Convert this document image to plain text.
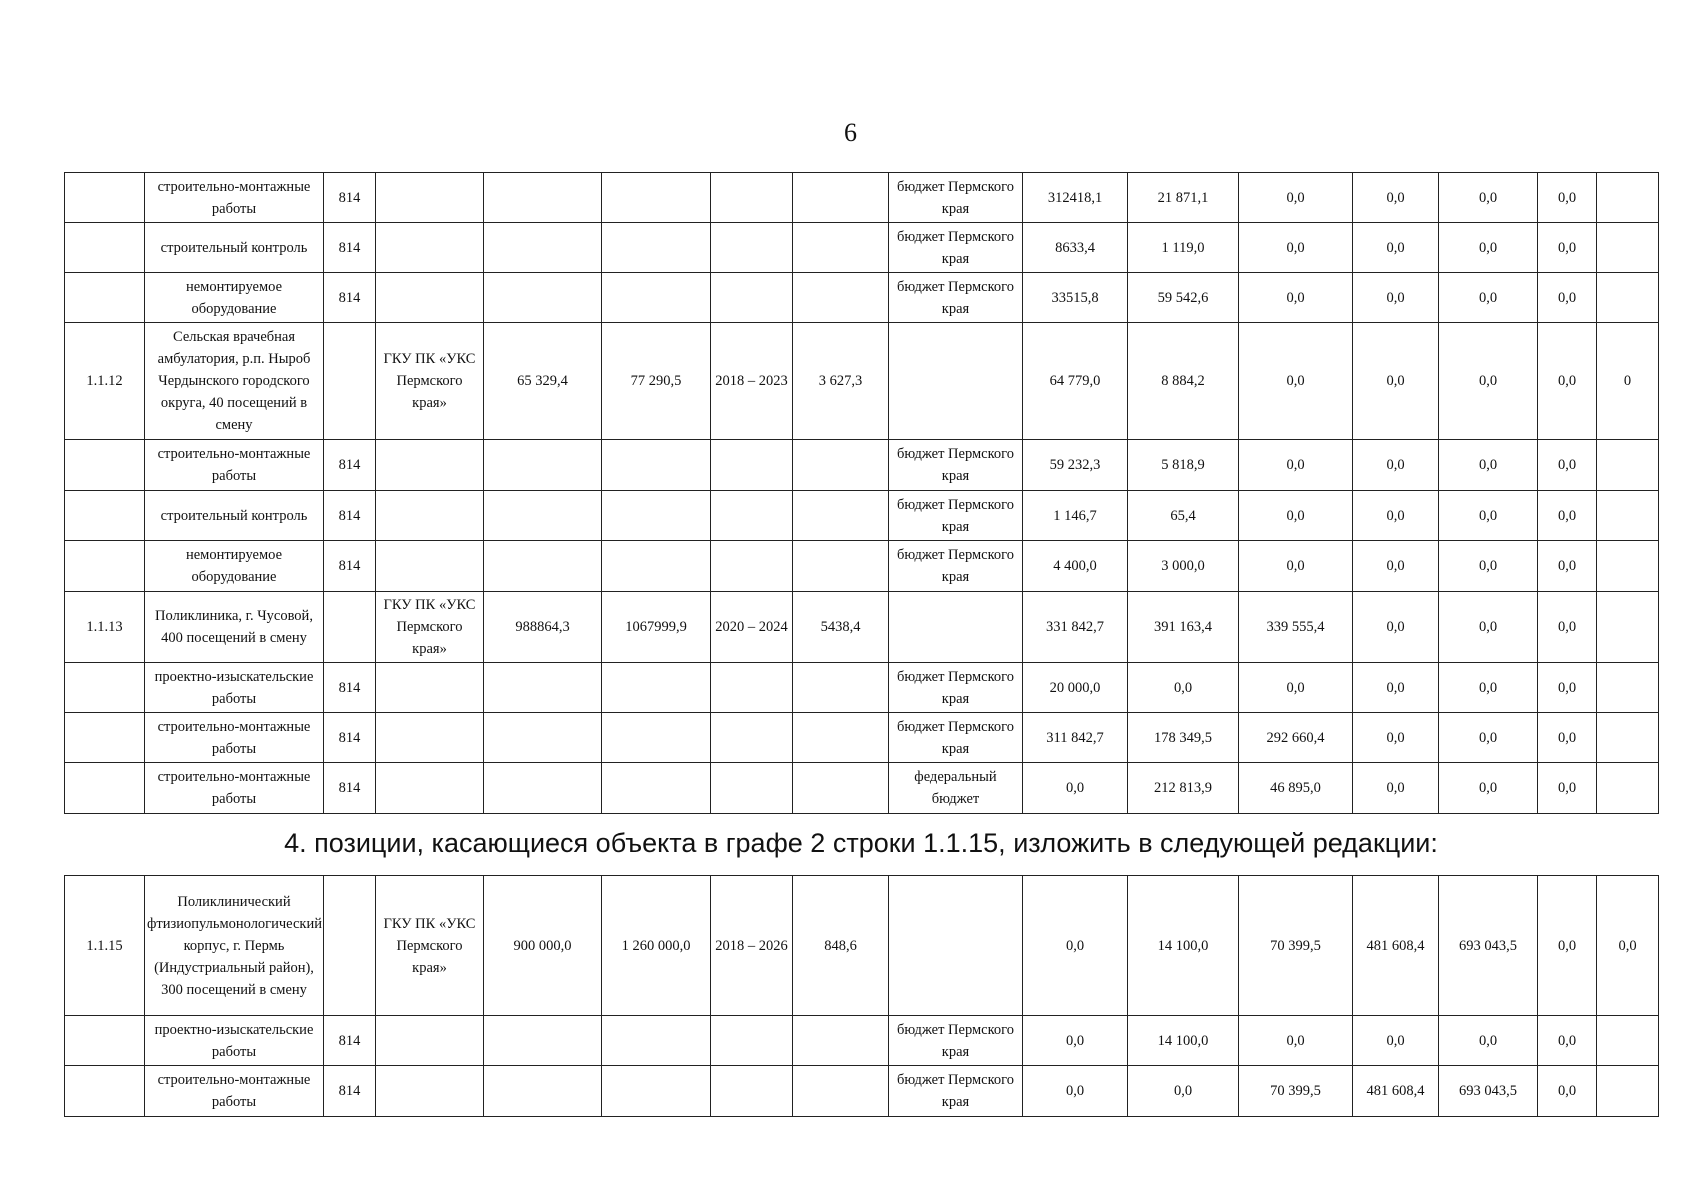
6
	строительно-монтажные работы	814						бюджет Пермского края	312418,1	21 871,1	0,0	0,0	0,0	0,0	
	строительный контроль	814						бюджет Пермского края	8633,4	1 119,0	0,0	0,0	0,0	0,0	
	немонтируемое оборудование	814						бюджет Пермского края	33515,8	59 542,6	0,0	0,0	0,0	0,0	
1.1.12	Сельская врачебная амбулатория, р.п. Ныроб Чердынского городского округа, 40 посещений в смену		ГКУ ПК «УКС Пермского края»	65 329,4	77 290,5	2018 – 2023	3 627,3		64 779,0	8 884,2	0,0	0,0	0,0	0,0	0
	строительно-монтажные работы	814						бюджет Пермского края	59 232,3	5 818,9	0,0	0,0	0,0	0,0	
	строительный контроль	814						бюджет Пермского края	1 146,7	65,4	0,0	0,0	0,0	0,0	
	немонтируемое оборудование	814						бюджет Пермского края	4 400,0	3 000,0	0,0	0,0	0,0	0,0	
1.1.13	Поликлиника, г. Чусовой, 400 посещений в смену		ГКУ ПК «УКС Пермского края»	988864,3	1067999,9	2020 – 2024	5438,4		331 842,7	391 163,4	339 555,4	0,0	0,0	0,0	
	проектно-изыскательские работы	814						бюджет Пермского края	20 000,0	0,0	0,0	0,0	0,0	0,0	
	строительно-монтажные работы	814						бюджет Пермского края	311 842,7	178 349,5	292 660,4	0,0	0,0	0,0	
	строительно-монтажные работы	814						федеральный бюджет	0,0	212 813,9	46 895,0	0,0	0,0	0,0	
4. позиции, касающиеся объекта в графе 2 строки 1.1.15, изложить в следующей редакции:
1.1.15	Поликлинический фтизиопульмонологический корпус, г. Пермь (Индустриальный район), 300 посещений в смену		ГКУ ПК «УКС Пермского края»	900 000,0	1 260 000,0	2018 – 2026	848,6		0,0	14 100,0	70 399,5	481 608,4	693 043,5	0,0	0,0
	проектно-изыскательские работы	814						бюджет Пермского края	0,0	14 100,0	0,0	0,0	0,0	0,0	
	строительно-монтажные работы	814						бюджет Пермского края	0,0	0,0	70 399,5	481 608,4	693 043,5	0,0	
